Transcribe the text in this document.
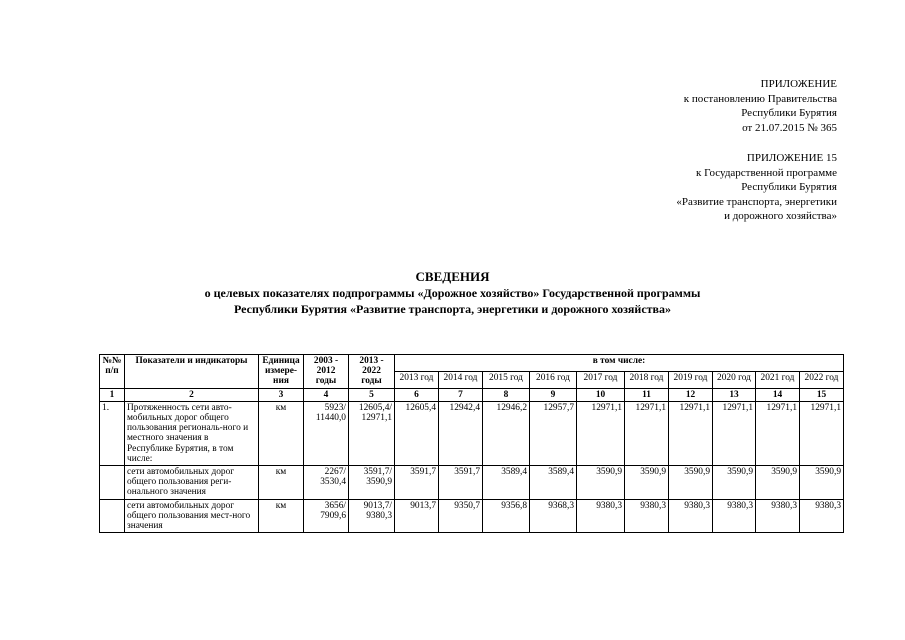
ПРИЛОЖЕНИЕ
к постановлению Правительства
Республики Бурятия
от 21.07.2015 № 365
ПРИЛОЖЕНИЕ 15
к Государственной программе
Республики Бурятия
«Развитие транспорта, энергетики
и дорожного хозяйства»
СВЕДЕНИЯ
о целевых показателях подпрограммы «Дорожное хозяйство» Государственной программы
Республики Бурятия «Развитие транспорта, энергетики и дорожного хозяйства»
№№ п/п	Показатели и индикаторы	Единица измере-ния	2003 - 2012 годы	2013 - 2022 годы	в том числе:									
					2013 год	2014 год	2015 год	2016 год	2017 год	2018 год	2019 год	2020 год	2021 год	2022 год
1	2	3	4	5	6	7	8	9	10	11	12	13	14	15
1.	Протяженность сети авто-мобильных дорог общего пользования региональ-ного и местного значения в Республике Бурятия, в том числе:	км	5923/ 11440,0	12605,4/ 12971,1	12605,4	12942,4	12946,2	12957,7	12971,1	12971,1	12971,1	12971,1	12971,1	12971,1
	сети автомобильных дорог общего пользования реги-онального значения	км	2267/ 3530,4	3591,7/ 3590,9	3591,7	3591,7	3589,4	3589,4	3590,9	3590,9	3590,9	3590,9	3590,9	3590,9
	сети автомобильных дорог общего пользования мест-ного значения	км	3656/ 7909,6	9013,7/ 9380,3	9013,7	9350,7	9356,8	9368,3	9380,3	9380,3	9380,3	9380,3	9380,3	9380,3
